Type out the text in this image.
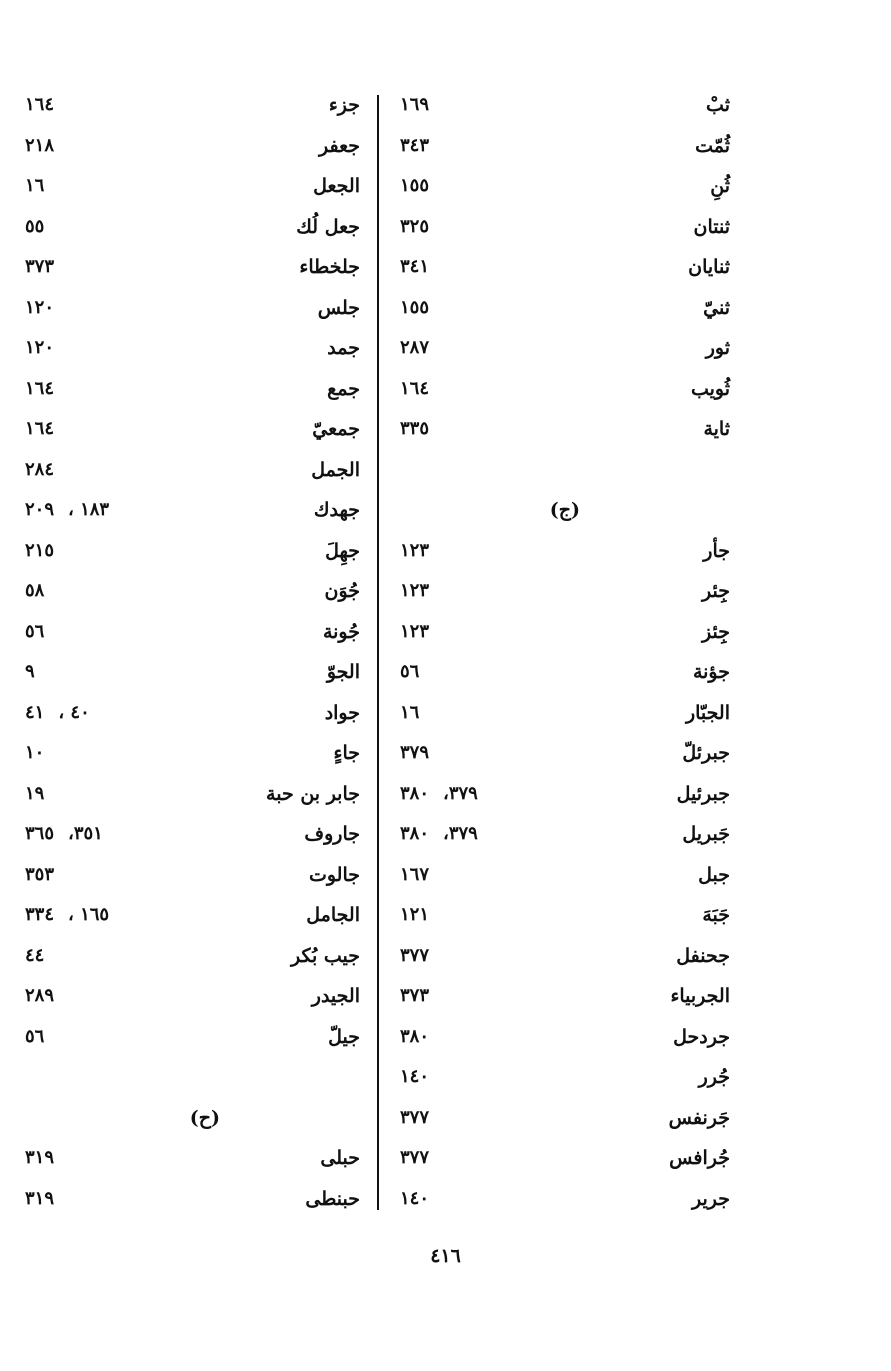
ثبْ
١٦٩
ثُمّت
٣٤٣
ثُنِ
١٥٥
ثنتان
٣٢٥
ثنايان
٣٤١
ثنيّ
١٥٥
ثور
٢٨٧
ثُويب
١٦٤
ثاية
٣٣٥
(ج)
جأر
١٢٣
جِئر
١٢٣
جِئز
١٢٣
جؤنة
٥٦
الجبّار
١٦
جبرئلّ
٣٧٩
جبرئيل
٣٧٩،
٣٨٠
جَبريل
٣٧٩،
٣٨٠
جبل
١٦٧
جَبَهَ
١٢١
جحنفل
٣٧٧
الجربياء
٣٧٣
جردحل
٣٨٠
جُرر
١٤٠
جَرنفس
٣٧٧
جُرافس
٣٧٧
جرير
١٤٠
جزء
١٦٤
جعفر
٢١٨
الجعل
١٦
جعل لُك
٥٥
جلخطاء
٣٧٣
جلس
١٢٠
جمد
١٢٠
جمع
١٦٤
جمعيّ
١٦٤
الجمل
٢٨٤
جهدك
١٨٣ ،
٢٠٩
جهِلَ
٢١٥
جُوَن
٥٨
جُونة
٥٦
الجوّ
٩
جواد
٤٠ ،
٤١
جاءٍ
١٠
جابر بن حبة
١٩
جاروف
٣٥١،
٣٦٥
جالوت
٣٥٣
الجامل
١٦٥ ،
٣٣٤
جيب بُكر
٤٤
الجيدر
٢٨٩
جيلّ
٥٦
(ح)
حبلى
٣١٩
حبنطى
٣١٩
٤١٦
